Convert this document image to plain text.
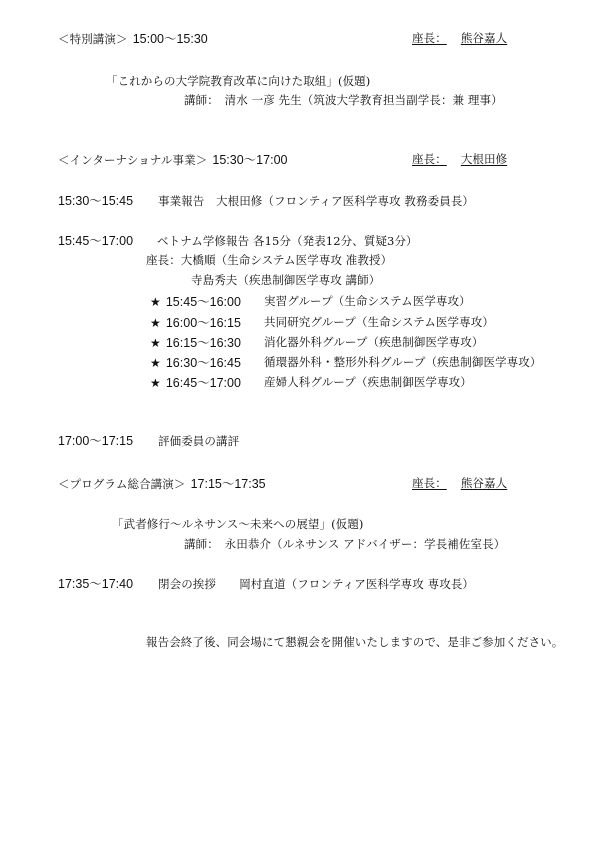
＜特別講演＞ 15:00〜15:30	座長： 熊谷嘉人
「これからの大学院教育改革に向けた取組」(仮題)
講師：　清水 一彦 先生（筑波大学教育担当副学長：兼 理事）
＜インターナショナル事業＞ 15:30〜17:00	座長： 大根田修
15:30〜15:45 事業報告　大根田修（フロンティア医科学専攻 教務委員長）
15:45〜17:00 ベトナム学修報告 各15分（発表12分、質疑3分）
座長：大橋順（生命システム医学専攻 准教授）
寺島秀夫（疾患制御医学専攻 講師）
★ 15:45〜16:00 実習グループ（生命システム医学専攻）
★ 16:00〜16:15 共同研究グループ（生命システム医学専攻）
★ 16:15〜16:30 消化器外科グループ（疾患制御医学専攻）
★ 16:30〜16:45 循環器外科・整形外科グループ（疾患制御医学専攻）
★ 16:45〜17:00 産婦人科グループ（疾患制御医学専攻）
17:00〜17:15 評価委員の講評
＜プログラム総合講演＞ 17:15〜17:35	座長： 熊谷嘉人
「武者修行〜ルネサンス〜未来への展望」(仮題)
講師：　永田恭介（ルネサンス アドバイザー：学長補佐室長）
17:35〜17:40 閉会の挨拶　　岡村直道（フロンティア医科学専攻 専攻長）
報告会終了後、同会場にて懇親会を開催いたしますので、是非ご参加ください。
